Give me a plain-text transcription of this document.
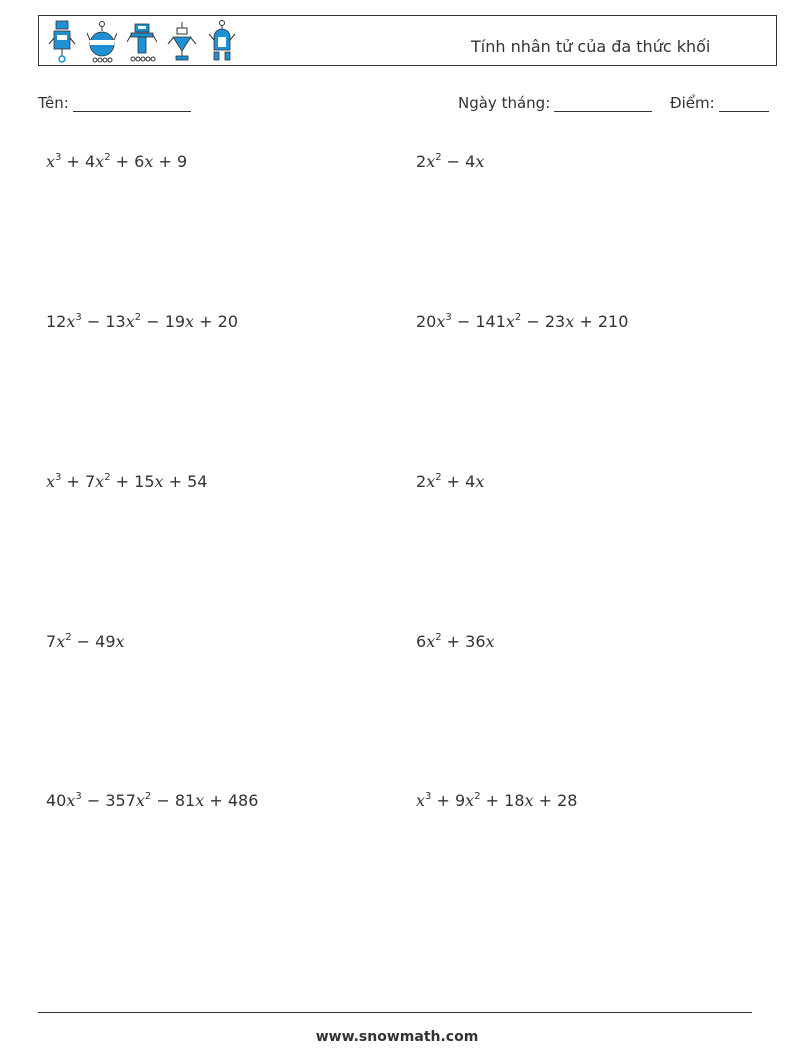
Tính nhân tử của đa thức khối
Tên:	Ngày tháng:	Điểm:
$x^3 + 4x^2 + 6x + 9$	$2x^2 - 4x$
$12x^3 - 13x^2 - 19x + 20$	$20x^3 - 141x^2 - 23x + 210$
$x^3 + 7x^2 + 15x + 54$	$2x^2 + 4x$
$7x^2 - 49x$	$6x^2 + 36x$
$40x^3 - 357x^2 - 81x + 486$	$x^3 + 9x^2 + 18x + 28$
www.snowmath.com
